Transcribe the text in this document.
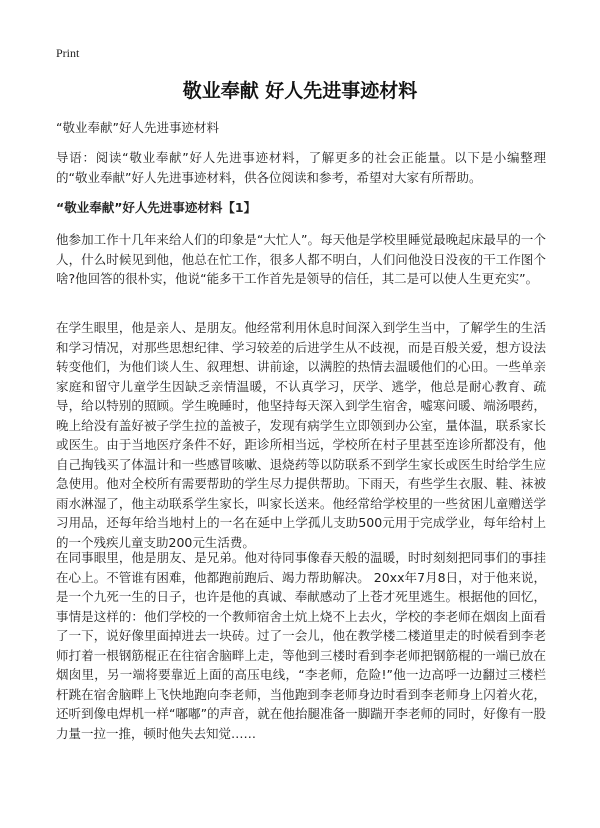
Print
敬业奉献 好人先进事迹材料
“敬业奉献”好人先进事迹材料
导语：阅读“敬业奉献”好人先进事迹材料，了解更多的社会正能量。以下是小编整理的“敬业奉献”好人先进事迹材料，供各位阅读和参考，希望对大家有所帮助。
“敬业奉献”好人先进事迹材料【1】
他参加工作十几年来给人们的印象是“大忙人”。每天他是学校里睡觉最晚起床最早的一个人，什么时候见到他，他总在忙工作，很多人都不明白，人们问他没日没夜的干工作图个啥?他回答的很朴实，他说“能多干工作首先是领导的信任，其二是可以使人生更充实”。
在学生眼里，他是亲人、是朋友。他经常利用休息时间深入到学生当中，了解学生的生活和学习情况，对那些思想纪律、学习较差的后进学生从不歧视，而是百般关爱，想方设法转变他们，为他们谈人生、叙理想、讲前途，以满腔的热情去温暖他们的心田。一些单亲家庭和留守儿童学生因缺乏亲情温暖，不认真学习，厌学、逃学，他总是耐心教育、疏导，给以特别的照顾。学生晚睡时，他坚持每天深入到学生宿舍，嘘寒问暖、端汤喂药，晚上给没有盖好被子学生拉的盖被子，发现有病学生立即领到办公室，量体温，联系家长或医生。由于当地医疗条件不好，距诊所相当远，学校所在村子里甚至连诊所都没有，他自己掏钱买了体温计和一些感冒咳嗽、退烧药等以防联系不到学生家长或医生时给学生应急使用。他对全校所有需要帮助的学生尽力提供帮助。下雨天，有些学生衣服、鞋、袜被雨水淋湿了，他主动联系学生家长，叫家长送来。他经常给学校里的一些贫困儿童赠送学习用品，还每年给当地村上的一名在延中上学孤儿支助500元用于完成学业，每年给村上的一个残疾儿童支助200元生活费。
在同事眼里，他是朋友、是兄弟。他对待同事像春天般的温暖，时时刻刻把同事们的事挂在心上。不管谁有困难，他都跑前跑后、竭力帮助解决。 20xx年7月8日，对于他来说，是一个九死一生的日子，也许是他的真诚、奉献感动了上苍才死里逃生。根据他的回忆，事情是这样的：他们学校的一个教师宿舍土炕上烧不上去火，学校的李老师在烟囱上面看了一下，说好像里面掉进去一块砖。过了一会儿，他在教学楼二楼道里走的时候看到李老师打着一根钢筋棍正在往宿舍脑畔上走，等他到三楼时看到李老师把钢筋棍的一端已放在烟囱里，另一端将要靠近上面的高压电线，“李老师，危险!”他一边高呼一边翻过三楼栏杆跳在宿舍脑畔上飞快地跑向李老师，当他跑到李老师身边时看到李老师身上闪着火花，还听到像电焊机一样“嘟嘟”的声音，就在他抬腿准备一脚踹开李老师的同时，好像有一股力量一拉一推，顿时他失去知觉……
